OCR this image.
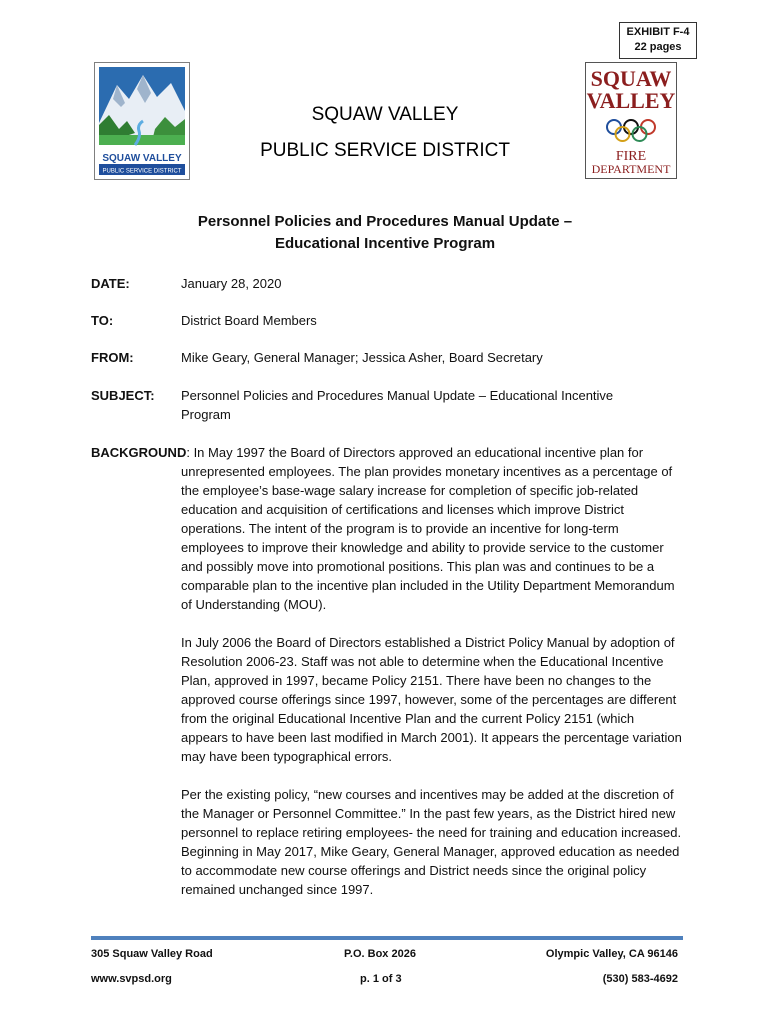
EXHIBIT F-4
22 pages
SQUAW VALLEY
PUBLIC SERVICE DISTRICT
SQUAW
VALLEY
FIRE
DEPARTMENT
SQUAW VALLEY
PUBLIC SERVICE DISTRICT
Personnel Policies and Procedures Manual Update –
Educational Incentive Program
DATE:	January 28, 2020
TO:	District Board Members
FROM:	Mike Geary, General Manager; Jessica Asher, Board Secretary
SUBJECT: Personnel Policies and Procedures Manual Update – Educational Incentive Program
BACKGROUND: In May 1997 the Board of Directors approved an educational incentive plan for
unrepresented employees. The plan provides monetary incentives as a percentage of the employee’s base-wage salary increase for completion of specific job-related education and acquisition of certifications and licenses which improve District operations. The intent of the program is to provide an incentive for long-term employees to improve their knowledge and ability to provide service to the customer and possibly move into promotional positions. This plan was and continues to be a comparable plan to the incentive plan included in the Utility Department Memorandum of Understanding (MOU).

In July 2006 the Board of Directors established a District Policy Manual by adoption of Resolution 2006-23. Staff was not able to determine when the Educational Incentive Plan, approved in 1997, became Policy 2151. There have been no changes to the approved course offerings since 1997, however, some of the percentages are different from the original Educational Incentive Plan and the current Policy 2151 (which appears to have been last modified in March 2001). It appears the percentage variation may have been typographical errors.

Per the existing policy, “new courses and incentives may be added at the discretion of the Manager or Personnel Committee.” In the past few years, as the District hired new personnel to replace retiring employees- the need for training and education increased. Beginning in May 2017, Mike Geary, General Manager, approved education as needed to accommodate new course offerings and District needs since the original policy remained unchanged since 1997.

305 Squaw Valley Road	P.O. Box 2026	Olympic Valley, CA 96146
www.svpsd.org	p. 1 of 3	(530) 583-4692
